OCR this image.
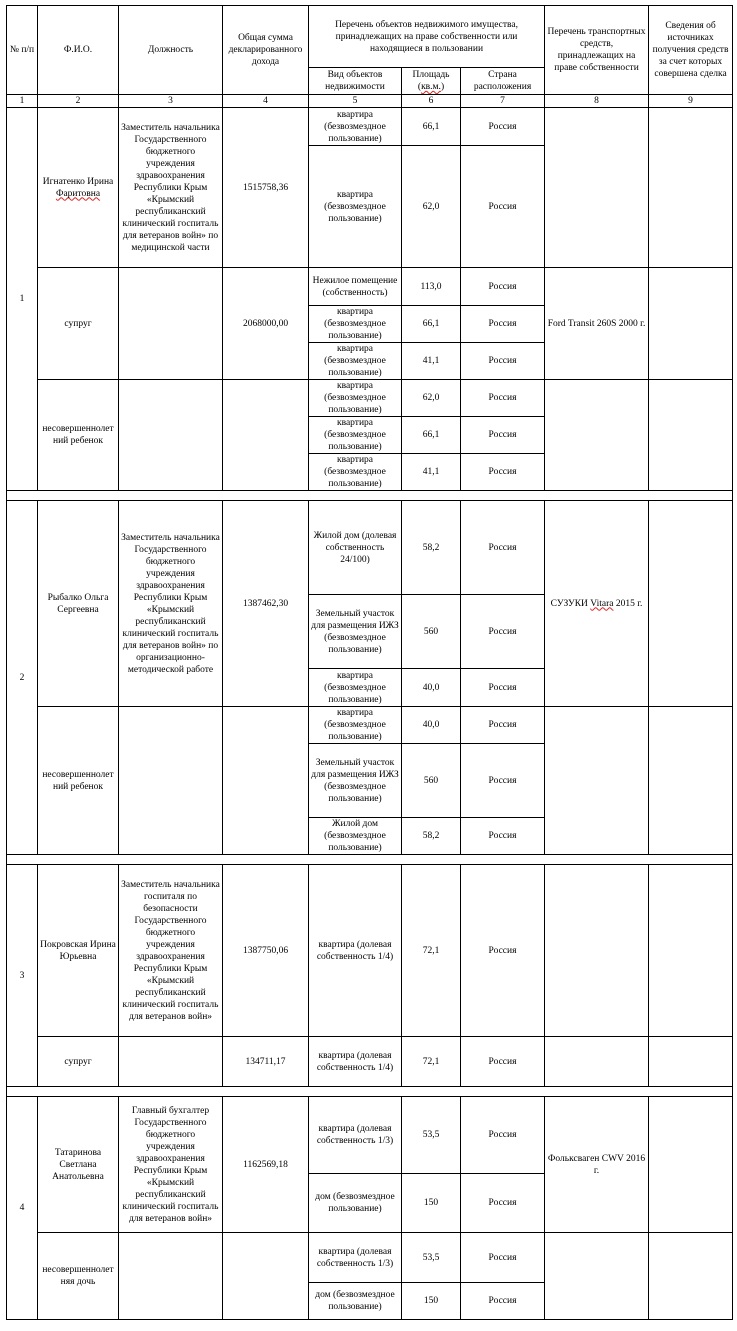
№ п/п	Ф.И.О.	Должность	Общая сумма декларированного дохода	Перечень объектов недвижимого имущества, принадлежащих на праве собственности или находящиеся в пользовании			Перечень транспортных средств, принадлежащих на праве собственности	Сведения об источниках получения средств за счет которых совершена сделка
				Вид объектов недвижимости	Площадь (кв.м.)	Страна расположения		
1	2	3	4	5	6	7	8	9
1	Игнатенко Ирина Фаритовна	Заместитель начальника Государственного бюджетного учреждения здравоохранения Республики Крым «Крымский республиканский клинический госпиталь для ветеранов войн» по медицинской части	1515758,36	квартира (безвозмездное пользование)	66,1	Россия		
				квартира (безвозмездное пользование)	62,0	Россия		
	супруг		2068000,00	Нежилое помещение (собственность)	113,0	Россия	Ford Transit 260S 2000 г.	
				квартира (безвозмездное пользование)	66,1	Россия		
				квартира (безвозмездное пользование)	41,1	Россия		
	несовершеннолетний ребенок			квартира (безвозмездное пользование)	62,0	Россия		
				квартира (безвозмездное пользование)	66,1	Россия		
				квартира (безвозмездное пользование)	41,1	Россия		

2	Рыбалко Ольга Сергеевна	Заместитель начальника Государственного бюджетного учреждения здравоохранения Республики Крым «Крымский республиканский клинический госпиталь для ветеранов войн» по организационно-методической работе	1387462,30	Жилой дом (долевая собственность 24/100)	58,2	Россия	СУЗУКИ Vitara 2015 г.	
				Земельный участок для размещения ИЖЗ (безвозмездное пользование)	560	Россия		
				квартира (безвозмездное пользование)	40,0	Россия		
	несовершеннолетний ребенок			квартира (безвозмездное пользование)	40,0	Россия		
				Земельный участок для размещения ИЖЗ (безвозмездное пользование)	560	Россия		
				Жилой дом (безвозмездное пользование)	58,2	Россия		

3	Покровская Ирина Юрьевна	Заместитель начальника госпиталя по безопасности Государственного бюджетного учреждения здравоохранения Республики Крым «Крымский республиканский клинический госпиталь для ветеранов войн»	1387750,06	квартира (долевая собственность 1/4)	72,1	Россия		
	супруг		134711,17	квартира (долевая собственность 1/4)	72,1	Россия		

4	Татаринова Светлана Анатольевна	Главный бухгалтер Государственного бюджетного учреждения здравоохранения Республики Крым «Крымский республиканский клинический госпиталь для ветеранов войн»	1162569,18	квартира (долевая собственность 1/3)	53,5	Россия	Фольксваген CWV 2016 г.	
				дом (безвозмездное пользование)	150	Россия		
	несовершеннолетняя дочь			квартира (долевая собственность 1/3)	53,5	Россия		
				дом (безвозмездное пользование)	150	Россия		
